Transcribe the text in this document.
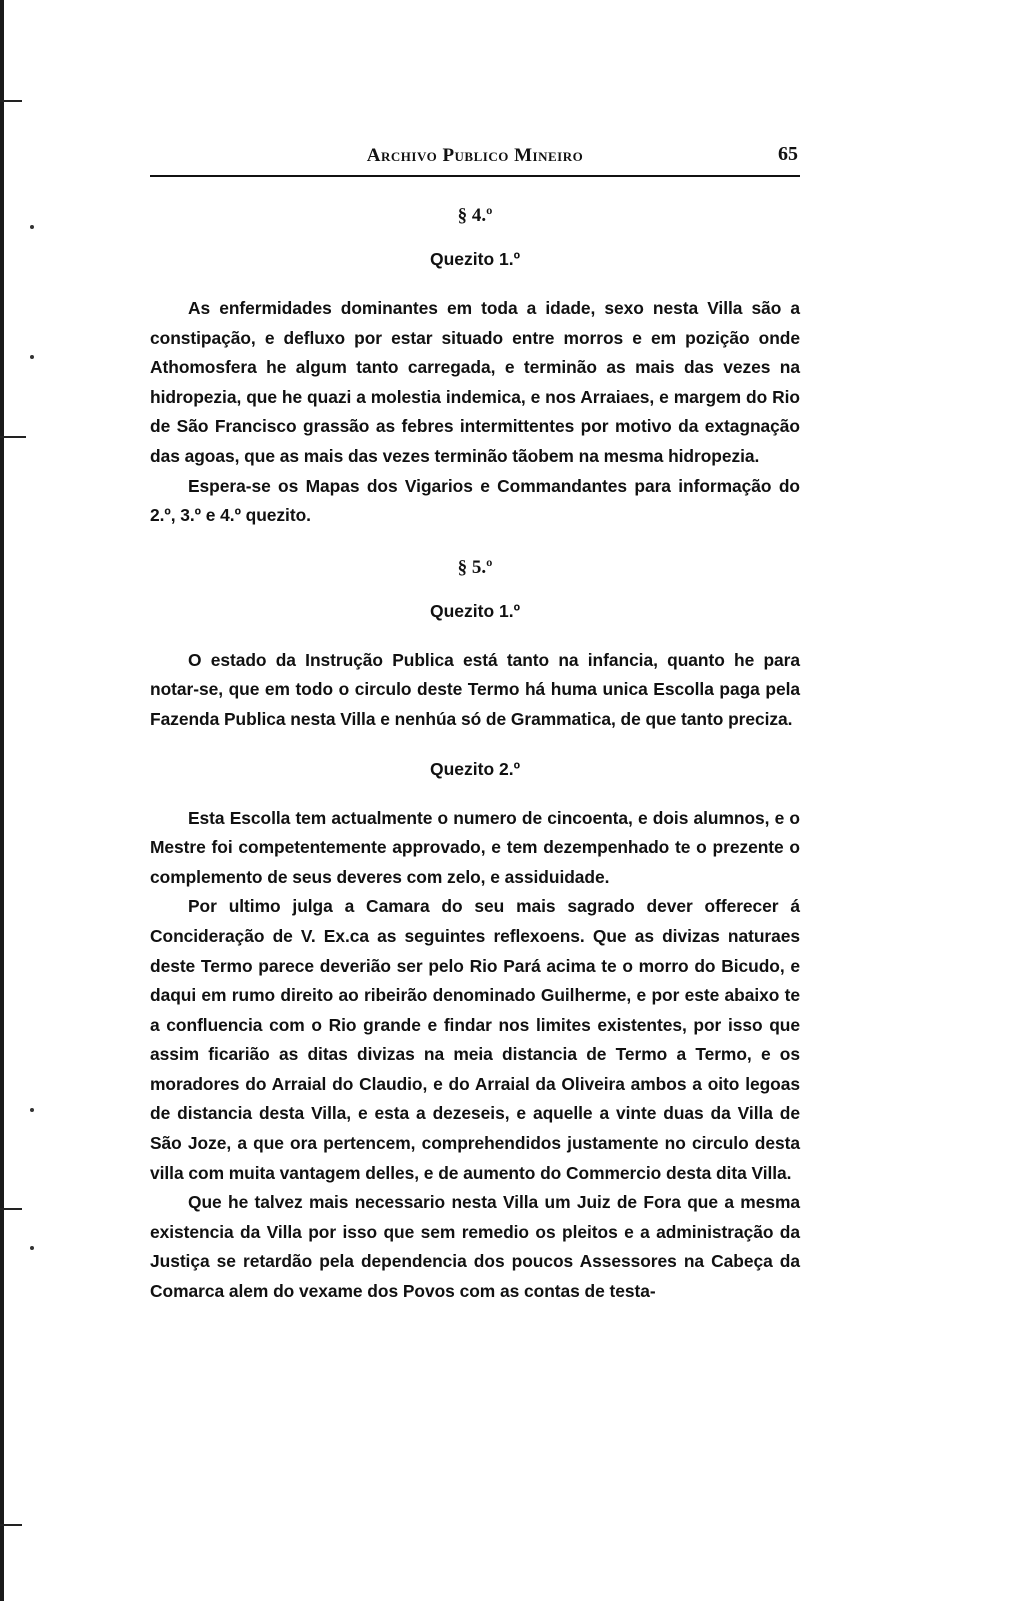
Archivo Publico Mineiro	65
§ 4.º
Quezito 1.º

As enfermidades dominantes em toda a idade, sexo nesta Villa são a constipação, e defluxo por estar situado entre morros e em pozição onde Athomosfera he algum tanto carregada, e terminão as mais das vezes na hidropezia, que he quazi a molestia indemica, e nos Arraiaes, e margem do Rio de São Francisco grassão as febres intermittentes por motivo da extagnação das agoas, que as mais das vezes terminão tãobem na mesma hidropezia.

Espera-se os Mapas dos Vigarios e Commandantes para informação do 2.º, 3.º e 4.º quezito.

§ 5.º
Quezito 1.º

O estado da Instrução Publica está tanto na infancia, quanto he para notar-se, que em todo o circulo deste Termo há huma unica Escolla paga pela Fazenda Publica nesta Villa e nenhúa só de Grammatica, de que tanto preciza.

Quezito 2.º

Esta Escolla tem actualmente o numero de cincoenta, e dois alumnos, e o Mestre foi competentemente approvado, e tem dezempenhado te o prezente o complemento de seus deveres com zelo, e assiduidade.

Por ultimo julga a Camara do seu mais sagrado dever offerecer á Concideração de V. Ex.ca as seguintes reflexoens. Que as divizas naturaes deste Termo parece deverião ser pelo Rio Pará acima te o morro do Bicudo, e daqui em rumo direito ao ribeirão denominado Guilherme, e por este abaixo te a confluencia com o Rio grande e findar nos limites existentes, por isso que assim ficarião as ditas divizas na meia distancia de Termo a Termo, e os moradores do Arraial do Claudio, e do Arraial da Oliveira ambos a oito legoas de distancia desta Villa, e esta a dezeseis, e aquelle a vinte duas da Villa de São Joze, a que ora pertencem, comprehendidos justamente no circulo desta villa com muita vantagem delles, e de aumento do Commercio desta dita Villa.

Que he talvez mais necessario nesta Villa um Juiz de Fora que a mesma existencia da Villa por isso que sem remedio os pleitos e a administração da Justiça se retardão pela dependencia dos poucos Assessores na Cabeça da Comarca alem do vexame dos Povos com as contas de testa-
